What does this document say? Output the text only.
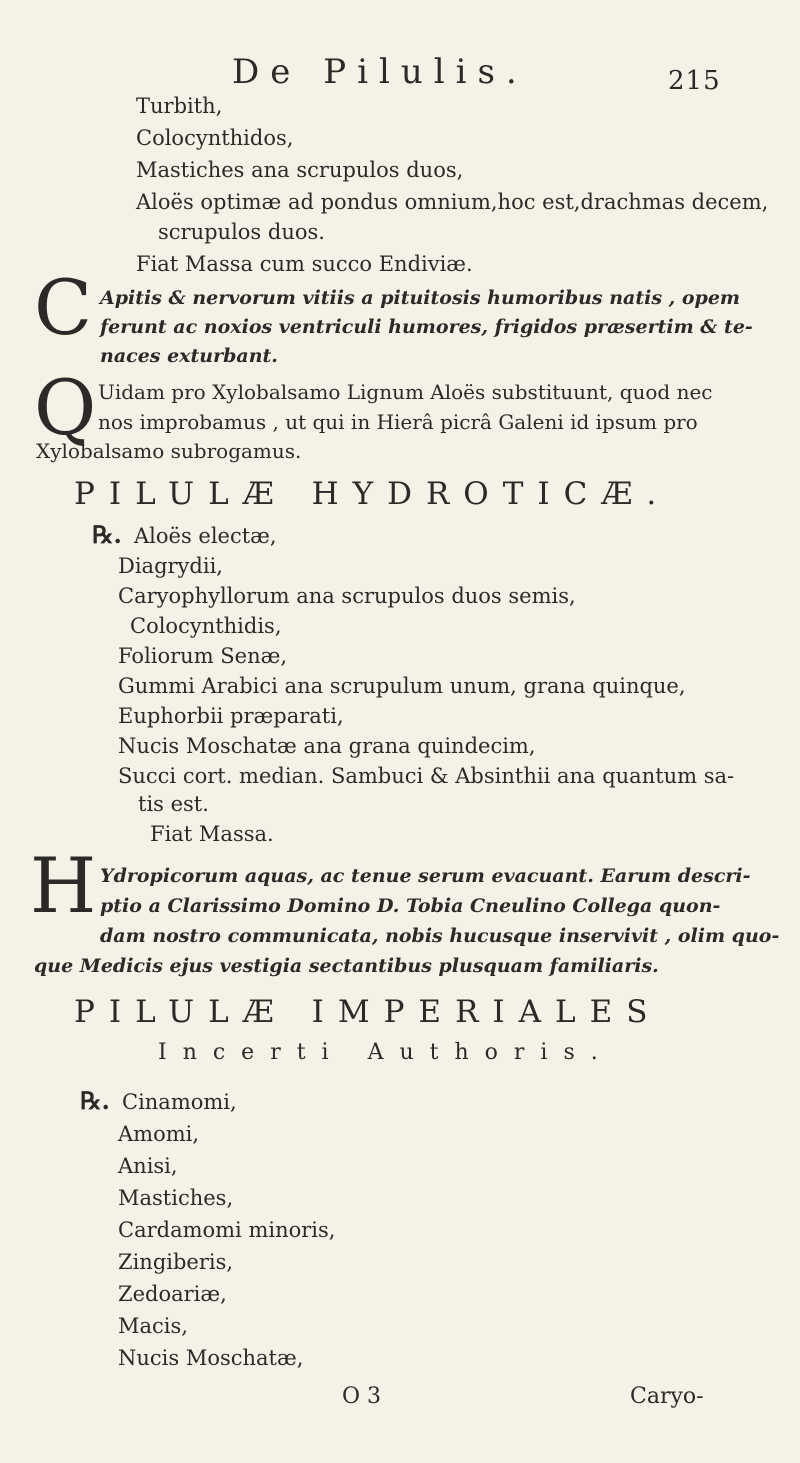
De Pilulis.	215
Turbith,
Colocynthidos,
Mastiches ana scrupulos duos,
Aloës optimæ ad pondus omnium,hoc est,drachmas decem,
scrupulos duos.
Fiat Massa cum succo Endiviæ.
C Apitis & nervorum vitiis a pituitosis humoribus natis , opem
ferunt ac noxios ventriculi humores, frigidos præsertim & te-
naces exturbant.
Q Uidam pro Xylobalsamo Lignum Aloës substituunt, quod nec
nos improbamus , ut qui in Hierâ picrâ Galeni id ipsum pro
Xylobalsamo subrogamus.
PILULÆ HYDROTICÆ.
℞. Aloës electæ,
Diagrydii,
Caryophyllorum ana scrupulos duos semis,
Colocynthidis,
Foliorum Senæ,
Gummi Arabici ana scrupulum unum, grana quinque,
Euphorbii præparati,
Nucis Moschatæ ana grana quindecim,
Succi cort. median. Sambuci & Absinthii ana quantum sa-
tis est.
Fiat Massa.
H Ydropicorum aquas, ac tenue serum evacuant. Earum descri-
ptio a Clarissimo Domino D. Tobia Cneulino Collega quon-
dam nostro communicata, nobis hucusque inservivit , olim quo-
que Medicis ejus vestigia sectantibus plusquam familiaris.
PILULÆ IMPERIALES
Incerti Authoris.
℞. Cinamomi,
Amomi,
Anisi,
Mastiches,
Cardamomi minoris,
Zingiberis,
Zedoariæ,
Macis,
Nucis Moschatæ,
O 3	Caryo-
